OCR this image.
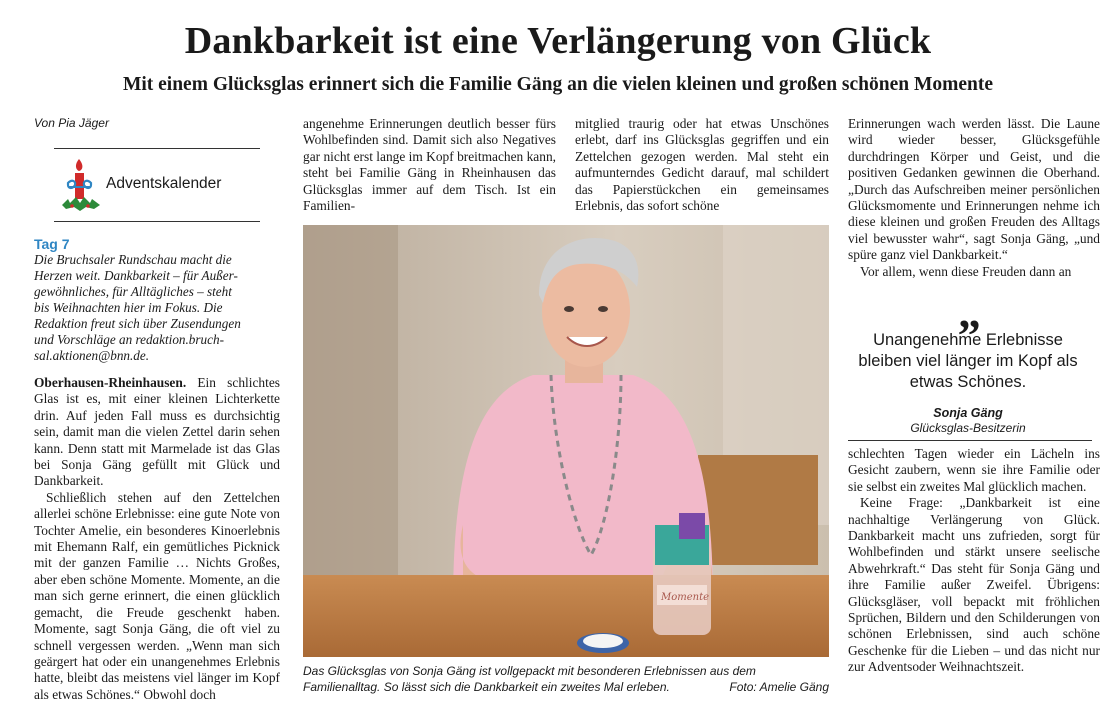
Dankbarkeit ist eine Verlängerung von Glück
Mit einem Glücksglas erinnert sich die Familie Gäng an die vielen kleinen und großen schönen Momente
Von Pia Jäger
Adventskalender
Tag 7
Die Bruchsaler Rundschau macht die
Herzen weit. Dankbarkeit – für Außer-
gewöhnliches, für Alltägliches – steht
bis Weihnachten hier im Fokus. Die
Redaktion freut sich über Zusendungen
und Vorschläge an redaktion.bruch-
sal.aktionen@bnn.de.

Oberhausen-Rheinhausen. Ein schlichtes Glas ist es, mit einer kleinen Lichterkette drin. Auf jeden Fall muss es durchsichtig sein, damit man die vielen Zettel darin sehen kann. Denn statt mit Marmelade ist das Glas bei Sonja Gäng gefüllt mit Glück und Dankbarkeit.

Schließlich stehen auf den Zettelchen allerlei schöne Erlebnisse: eine gute Note von Tochter Amelie, ein besonderes Kinoerlebnis mit Ehemann Ralf, ein gemütliches Picknick mit der ganzen Familie … Nichts Großes, aber eben schöne Momente. Momente, an die man sich gerne erinnert, die einen glücklich gemacht, die Freude geschenkt haben. Momente, sagt Sonja Gäng, die oft viel zu schnell vergessen werden. „Wenn man sich geärgert hat oder ein unangenehmes Erlebnis hatte, bleibt das meistens viel länger im Kopf als etwas Schönes.“ Obwohl doch

angenehme Erinnerungen deutlich besser fürs Wohlbefinden sind. Damit sich also Negatives gar nicht erst lange im Kopf breitmachen kann, steht bei Familie Gäng in Rheinhausen das Glücksglas immer auf dem Tisch. Ist ein Familien-

mitglied traurig oder hat etwas Unschönes erlebt, darf ins Glücksglas gegriffen und ein Zettelchen gezogen werden. Mal steht ein aufmunterndes Gedicht darauf, mal schildert das Papierstückchen ein gemeinsames Erlebnis, das sofort schöne

Momente
Das Glücksglas von Sonja Gäng ist vollgepackt mit besonderen Erlebnissen aus dem Familienalltag. So lässt sich die Dankbarkeit ein zweites Mal erleben.	Foto: Amelie Gäng

Erinnerungen wach werden lässt. Die Laune wird wieder besser, Glücksgefühle durchdringen Körper und Geist, und die positiven Gedanken gewinnen die Oberhand. „Durch das Aufschreiben meiner persönlichen Glücksmomente und Erinnerungen nehme ich diese kleinen und großen Freuden des Alltags viel bewusster wahr“, sagt Sonja Gäng, „und spüre ganz viel Dankbarkeit.“

Vor allem, wenn diese Freuden dann an

„
Unangenehme Erlebnisse bleiben viel länger im Kopf als etwas Schönes.
Sonja Gäng
Glücksglas-Besitzerin

schlechten Tagen wieder ein Lächeln ins Gesicht zaubern, wenn sie ihre Familie oder sie selbst ein zweites Mal glücklich machen.

Keine Frage: „Dankbarkeit ist eine nachhaltige Verlängerung von Glück. Dankbarkeit macht uns zufrieden, sorgt für Wohlbefinden und stärkt unsere seelische Abwehrkraft.“ Das steht für Sonja Gäng und ihre Familie außer Zweifel. Übrigens: Glücksgläser, voll bepackt mit fröhlichen Sprüchen, Bildern und den Schilderungen von schönen Erlebnissen, sind auch schöne Geschenke für die Lieben – und das nicht nur zur Adventsoder Weihnachtszeit.
